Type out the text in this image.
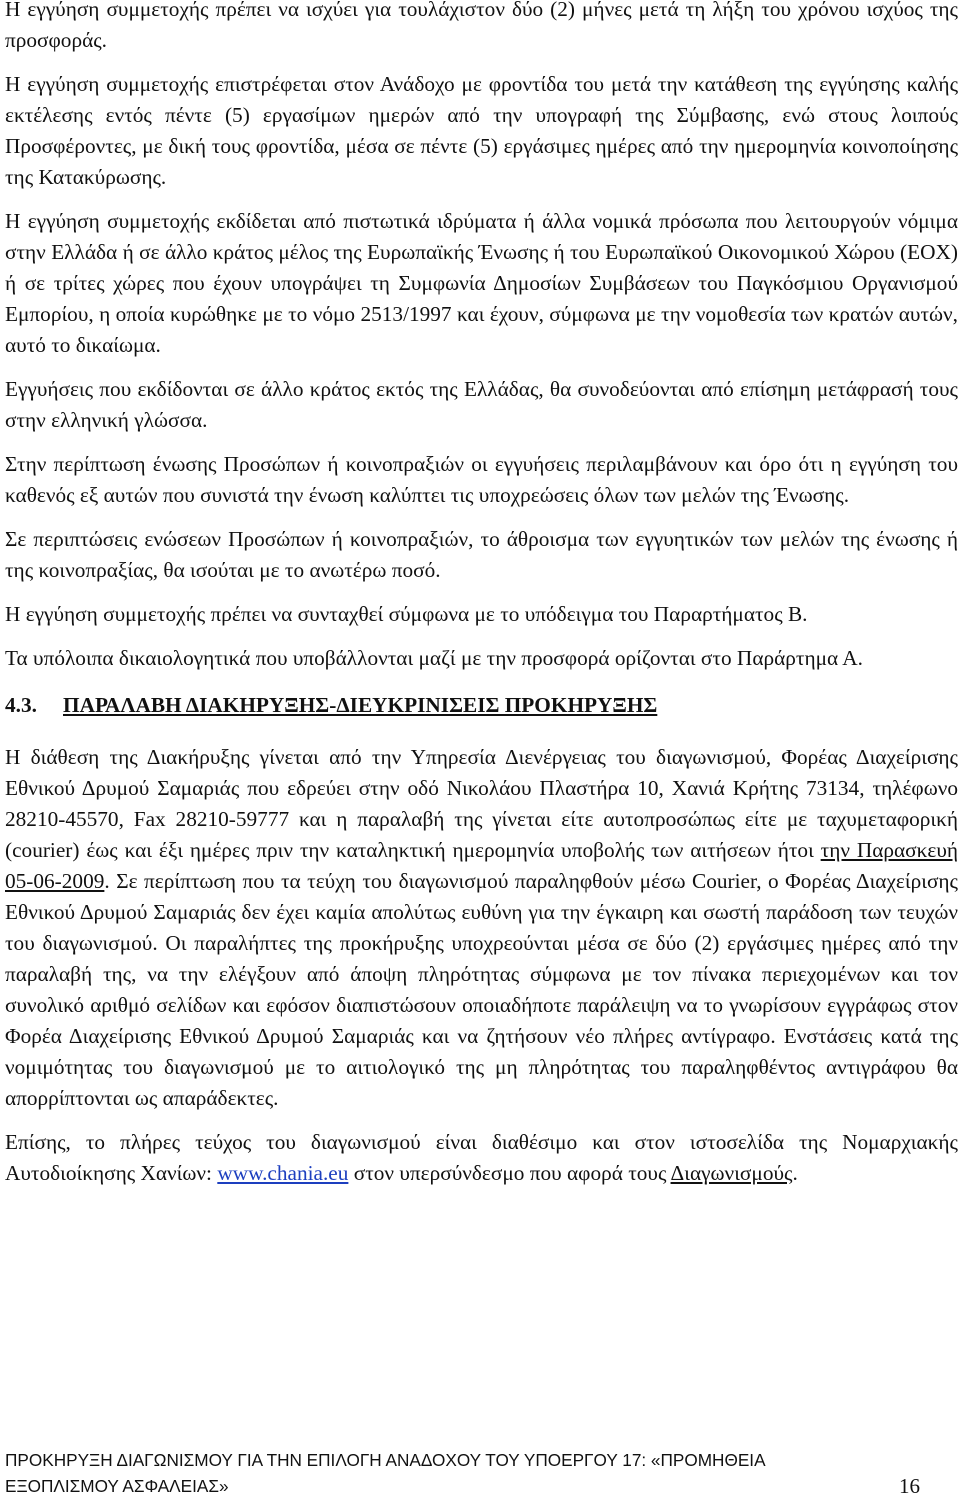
Η εγγύηση συμμετοχής πρέπει να ισχύει για τουλάχιστον δύο (2) μήνες μετά τη λήξη του χρόνου ισχύος της προσφοράς.

Η εγγύηση συμμετοχής επιστρέφεται στον Ανάδοχο με φροντίδα του μετά την κατάθεση της εγγύησης καλής εκτέλεσης εντός πέντε (5) εργασίμων ημερών από την υπογραφή της Σύμβασης, ενώ στους λοιπούς Προσφέροντες, με δική τους φροντίδα, μέσα σε πέντε (5) εργάσιμες ημέρες από την ημερομηνία κοινοποίησης της Κατακύρωσης.

Η εγγύηση συμμετοχής εκδίδεται από πιστωτικά ιδρύματα ή άλλα νομικά πρόσωπα που λειτουργούν νόμιμα στην Ελλάδα ή σε άλλο κράτος μέλος της Ευρωπαϊκής Ένωσης ή του Ευρωπαϊκού Οικονομικού Χώρου (ΕΟΧ) ή σε τρίτες χώρες που έχουν υπογράψει τη Συμφωνία Δημοσίων Συμβάσεων του Παγκόσμιου Οργανισμού Εμπορίου, η οποία κυρώθηκε με το νόμο 2513/1997 και έχουν, σύμφωνα με την νομοθεσία των κρατών αυτών, αυτό το δικαίωμα.

Εγγυήσεις που εκδίδονται σε άλλο κράτος εκτός της Ελλάδας, θα συνοδεύονται από επίσημη μετάφρασή τους στην ελληνική γλώσσα.

Στην περίπτωση ένωσης Προσώπων ή κοινοπραξιών οι εγγυήσεις περιλαμβάνουν και όρο ότι η εγγύηση του καθενός εξ αυτών που συνιστά την ένωση καλύπτει τις υποχρεώσεις όλων των μελών της Ένωσης.

Σε περιπτώσεις ενώσεων Προσώπων ή κοινοπραξιών, το άθροισμα των εγγυητικών των μελών της ένωσης ή της κοινοπραξίας, θα ισούται με το ανωτέρω ποσό.

Η εγγύηση συμμετοχής πρέπει να συνταχθεί σύμφωνα με το υπόδειγμα του Παραρτήματος Β.

Τα υπόλοιπα δικαιολογητικά που υποβάλλονται μαζί με την προσφορά ορίζονται στο Παράρτημα Α.

4.3.	ΠΑΡΑΛΑΒΗ ΔΙΑΚΗΡΥΞΗΣ-ΔΙΕΥΚΡΙΝΙΣΕΙΣ ΠΡΟΚΗΡΥΞΗΣ

Η διάθεση της Διακήρυξης γίνεται από την Υπηρεσία Διενέργειας του διαγωνισμού, Φορέας Διαχείρισης Εθνικού Δρυμού Σαμαριάς που εδρεύει στην οδό Νικολάου Πλαστήρα 10, Χανιά Κρήτης 73134, τηλέφωνο 28210-45570, Fax 28210-59777 και η παραλαβή της γίνεται είτε αυτοπροσώπως είτε με ταχυμεταφορική (courier) έως και έξι ημέρες πριν την καταληκτική ημερομηνία υποβολής των αιτήσεων ήτοι την Παρασκευή 05-06-2009. Σε περίπτωση που τα τεύχη του διαγωνισμού παραληφθούν μέσω Courier, ο Φορέας Διαχείρισης Εθνικού Δρυμού Σαμαριάς δεν έχει καμία απολύτως ευθύνη για την έγκαιρη και σωστή παράδοση των τευχών του διαγωνισμού. Οι παραλήπτες της προκήρυξης υποχρεούνται μέσα σε δύο (2) εργάσιμες ημέρες από την παραλαβή της, να την ελέγξουν από άποψη πληρότητας σύμφωνα με τον πίνακα περιεχομένων και τον συνολικό αριθμό σελίδων και εφόσον διαπιστώσουν οποιαδήποτε παράλειψη να το γνωρίσουν εγγράφως στον Φορέα Διαχείρισης Εθνικού Δρυμού Σαμαριάς και να ζητήσουν νέο πλήρες αντίγραφο. Ενστάσεις κατά της νομιμότητας του διαγωνισμού με το αιτιολογικό της μη πληρότητας του παραληφθέντος αντιγράφου θα απορρίπτονται ως απαράδεκτες.

Επίσης, το πλήρες τεύχος του διαγωνισμού είναι διαθέσιμο και στον ιστοσελίδα της Νομαρχιακής Αυτοδιοίκησης Χανίων: www.chania.eu στον υπερσύνδεσμο που αφορά τους Διαγωνισμούς.

ΠΡΟΚΗΡΥΞΗ ΔΙΑΓΩΝΙΣΜΟΥ ΓΙΑ ΤΗΝ ΕΠΙΛΟΓΗ ΑΝΑΔΟΧΟΥ ΤΟΥ ΥΠΟΕΡΓΟΥ 17: «ΠΡΟΜΗΘΕΙΑ
ΕΞΟΠΛΙΣΜΟΥ ΑΣΦΑΛΕΙΑΣ»	16
